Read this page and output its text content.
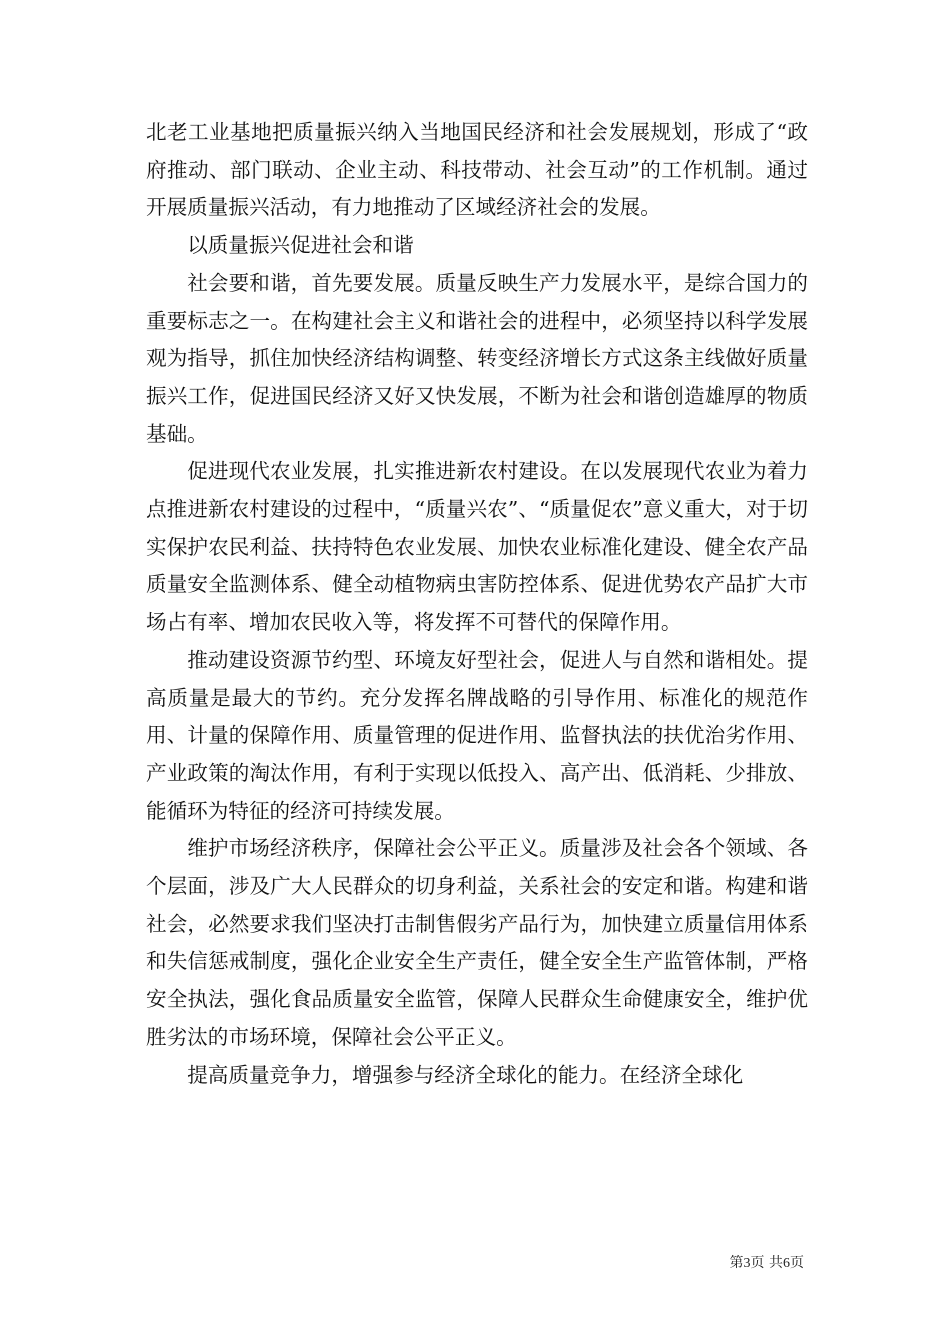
北老工业基地把质量振兴纳入当地国民经济和社会发展规划，形成了“政府推动、部门联动、企业主动、科技带动、社会互动”的工作机制。通过开展质量振兴活动，有力地推动了区域经济社会的发展。

以质量振兴促进社会和谐

社会要和谐，首先要发展。质量反映生产力发展水平，是综合国力的重要标志之一。在构建社会主义和谐社会的进程中，必须坚持以科学发展观为指导，抓住加快经济结构调整、转变经济增长方式这条主线做好质量振兴工作，促进国民经济又好又快发展，不断为社会和谐创造雄厚的物质基础。

促进现代农业发展，扎实推进新农村建设。在以发展现代农业为着力点推进新农村建设的过程中，“质量兴农”、“质量促农”意义重大，对于切实保护农民利益、扶持特色农业发展、加快农业标准化建设、健全农产品质量安全监测体系、健全动植物病虫害防控体系、促进优势农产品扩大市场占有率、增加农民收入等，将发挥不可替代的保障作用。

推动建设资源节约型、环境友好型社会，促进人与自然和谐相处。提高质量是最大的节约。充分发挥名牌战略的引导作用、标准化的规范作用、计量的保障作用、质量管理的促进作用、监督执法的扶优治劣作用、产业政策的淘汰作用，有利于实现以低投入、高产出、低消耗、少排放、能循环为特征的经济可持续发展。

维护市场经济秩序，保障社会公平正义。质量涉及社会各个领域、各个层面，涉及广大人民群众的切身利益，关系社会的安定和谐。构建和谐社会，必然要求我们坚决打击制售假劣产品行为，加快建立质量信用体系和失信惩戒制度，强化企业安全生产责任，健全安全生产监管体制，严格安全执法，强化食品质量安全监管，保障人民群众生命健康安全，维护优胜劣汰的市场环境，保障社会公平正义。

提高质量竞争力，增强参与经济全球化的能力。在经济全球化

第3页 共6页
